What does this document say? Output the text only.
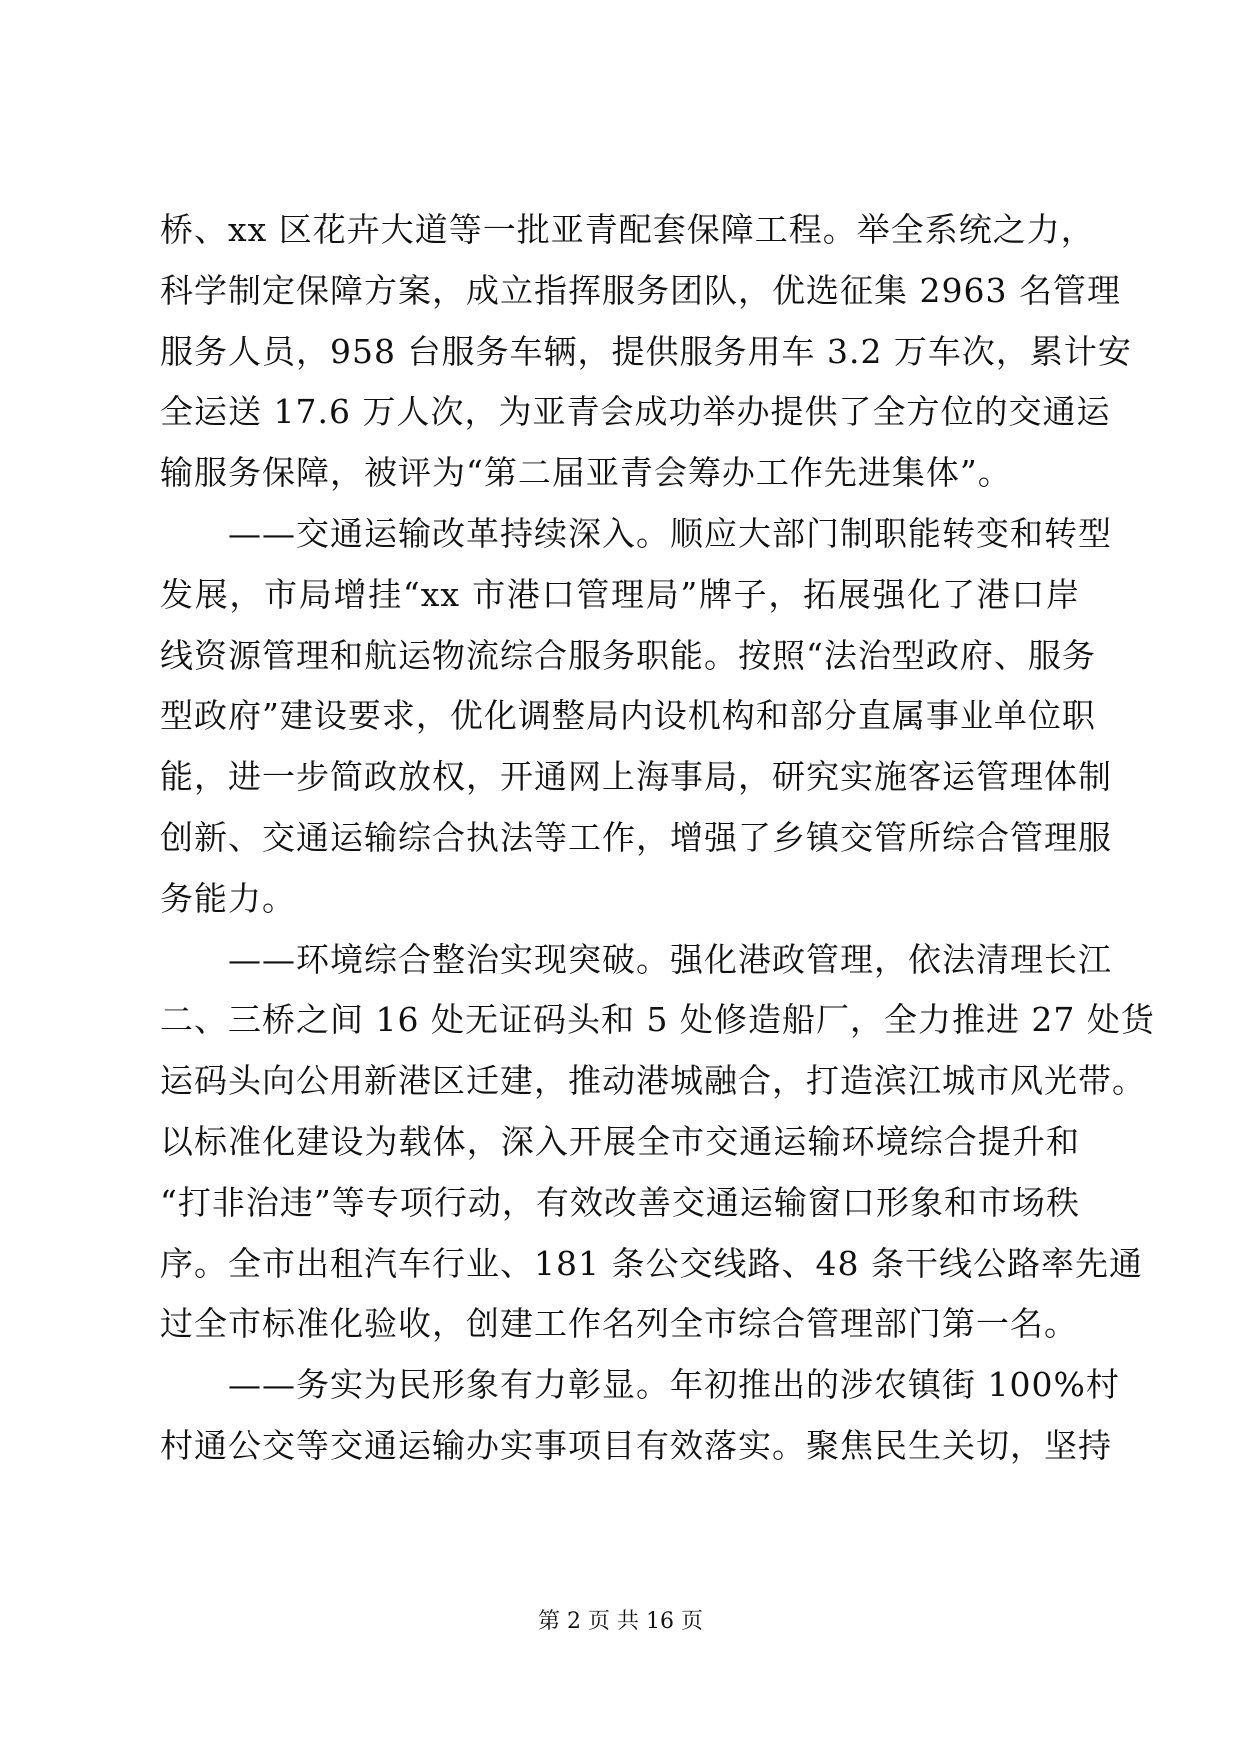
桥、xx 区花卉大道等一批亚青配套保障工程。举全系统之力，
科学制定保障方案，成立指挥服务团队，优选征集 2963 名管理
服务人员，958 台服务车辆，提供服务用车 3.2 万车次，累计安
全运送 17.6 万人次，为亚青会成功举办提供了全方位的交通运
输服务保障，被评为“第二届亚青会筹办工作先进集体”。
　　——交通运输改革持续深入。顺应大部门制职能转变和转型
发展，市局增挂“xx 市港口管理局”牌子，拓展强化了港口岸
线资源管理和航运物流综合服务职能。按照“法治型政府、服务
型政府”建设要求，优化调整局内设机构和部分直属事业单位职
能，进一步简政放权，开通网上海事局，研究实施客运管理体制
创新、交通运输综合执法等工作，增强了乡镇交管所综合管理服
务能力。
　　——环境综合整治实现突破。强化港政管理，依法清理长江
二、三桥之间 16 处无证码头和 5 处修造船厂，全力推进 27 处货
运码头向公用新港区迁建，推动港城融合，打造滨江城市风光带。
以标准化建设为载体，深入开展全市交通运输环境综合提升和
“打非治违”等专项行动，有效改善交通运输窗口形象和市场秩
序。全市出租汽车行业、181 条公交线路、48 条干线公路率先通
过全市标准化验收，创建工作名列全市综合管理部门第一名。
　　——务实为民形象有力彰显。年初推出的涉农镇街 100%村
村通公交等交通运输办实事项目有效落实。聚焦民生关切，坚持
第 2 页 共 16 页
